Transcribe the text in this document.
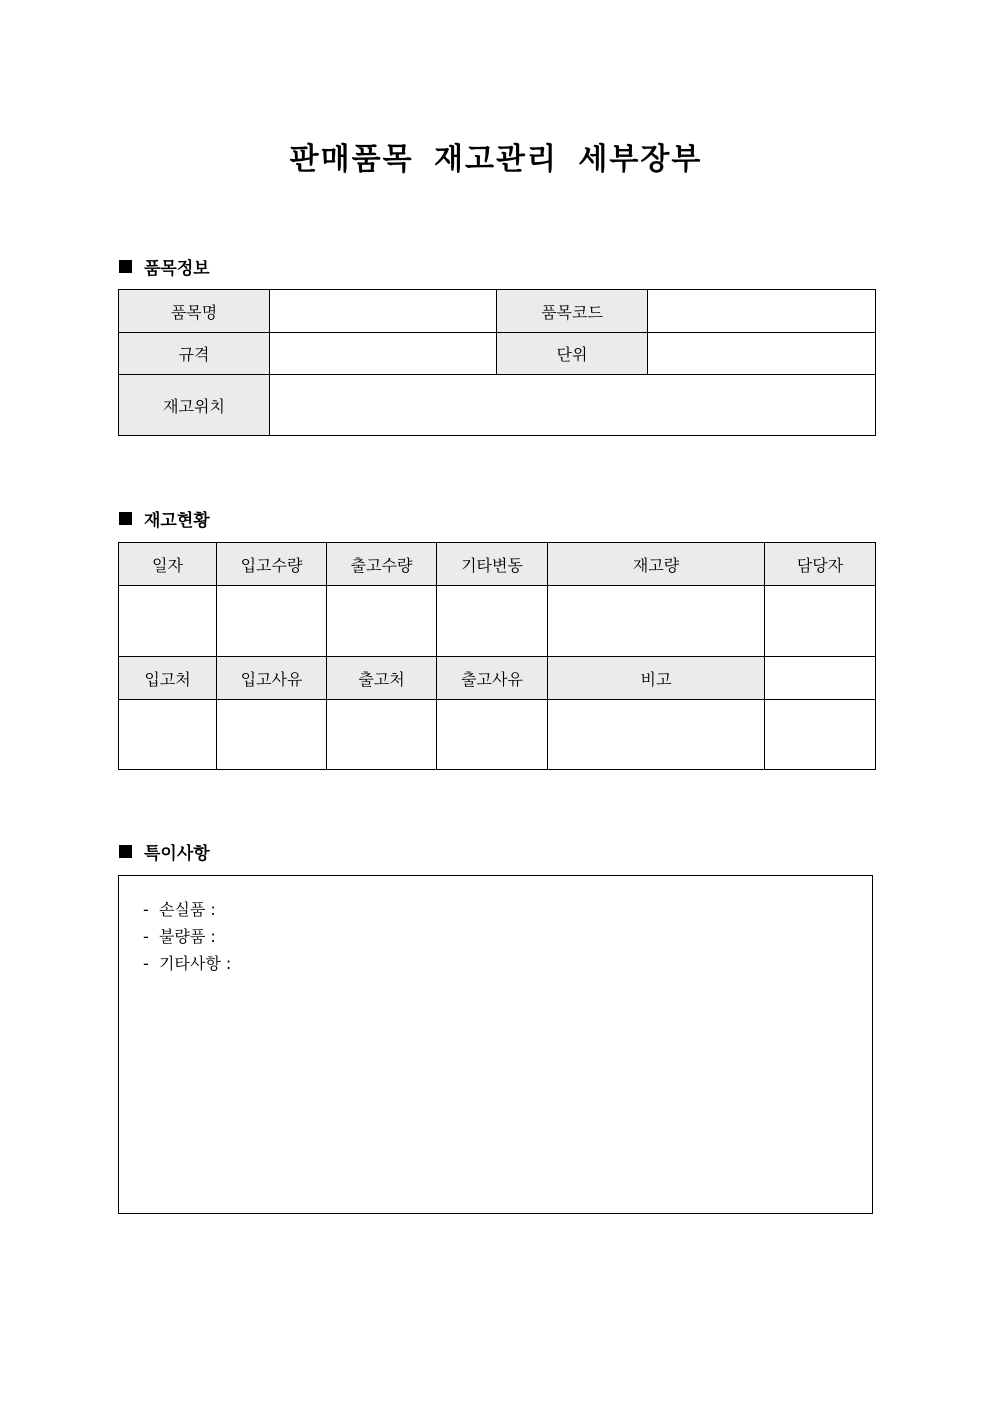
판매품목 재고관리 세부장부
품목정보
품목명		품목코드	
규격		단위	
재고위치			
재고현황
일자	입고수량	출고수량	기타변동	재고량	담당자

입고처	입고사유	출고처	출고사유	비고	

특이사항
-  손실품 :
-  불량품 :
-  기타사항 :
